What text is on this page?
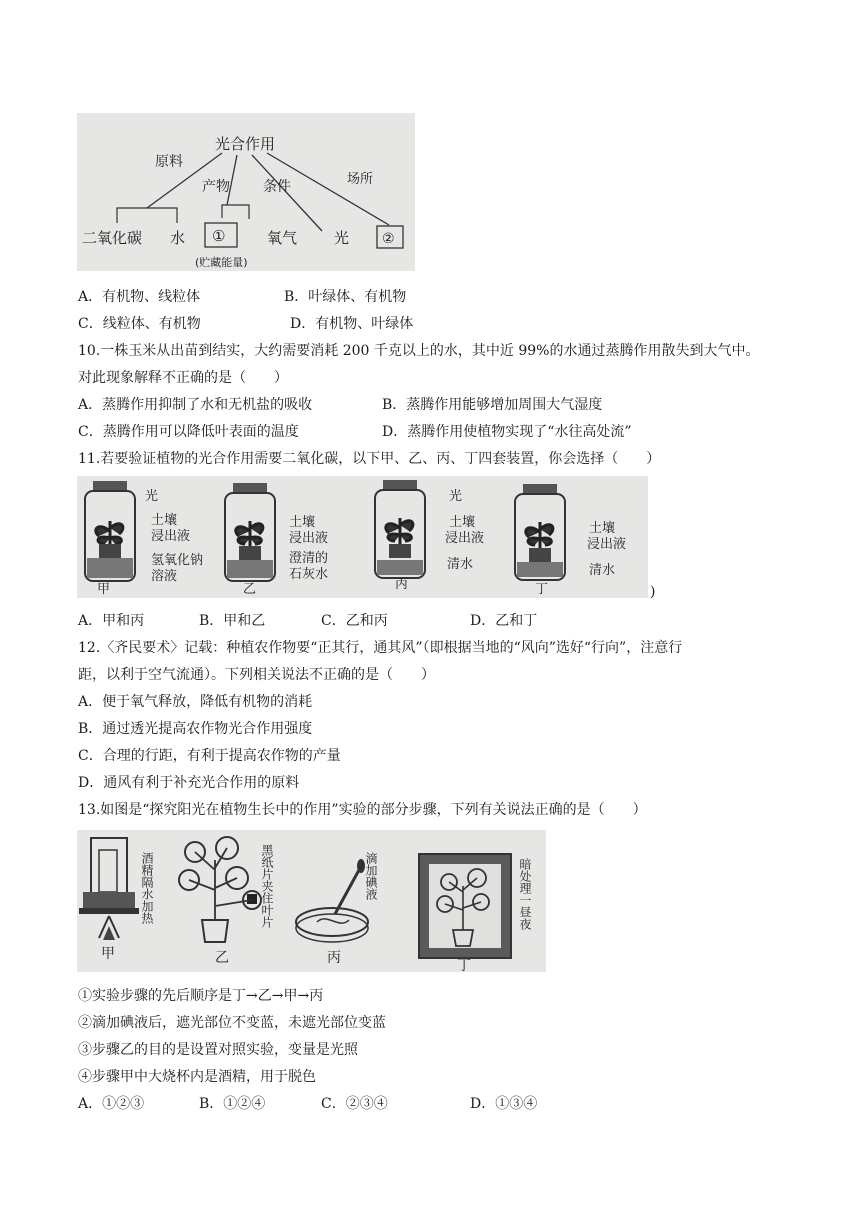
光合作用
原料
产物 条件	场所
二氧化碳 水 ①	氧气 光 ②
(贮藏能量)
A．有机物、线粒体	B．叶绿体、有机物
C．线粒体、有机物	D．有机物、叶绿体
10.一株玉米从出苗到结实，大约需要消耗 200 千克以上的水，其中近 99%的水通过蒸腾作用散失到大气中。
对此现象解释不正确的是（　　）
A．蒸腾作用抑制了水和无机盐的吸收	B．蒸腾作用能够增加周围大气湿度
C．蒸腾作用可以降低叶表面的温度	D．蒸腾作用使植物实现了“水往高处流”
11.若要验证植物的光合作用需要二氧化碳，以下甲、乙、丙、丁四套装置，你会选择（　　）
甲
光
土壤
浸出液
氢氧化钠
溶液
乙
土壤
浸出液
澄清的
石灰水
丙
光
土壤
浸出液
清水
丁
土壤
浸出液
清水
)
A．甲和丙	B．甲和乙	C．乙和丙	D．乙和丁
12.〈齐民要术〉记载：种植农作物要“正其行，通其风”（即根据当地的“风向”选好“行向”，注意行
距，以利于空气流通）。下列相关说法不正确的是（　　）
A．便于氧气释放，降低有机物的消耗
B．通过透光提高农作物光合作用强度
C．合理的行距，有利于提高农作物的产量
D．通风有利于补充光合作用的原料
13.如图是“探究阳光在植物生长中的作用”实验的部分步骤，下列有关说法正确的是（　　）
酒精隔水加热
甲
黑纸片夹住叶片
乙
滴加碘液
丙
暗处理一昼夜
丁
①实验步骤的先后顺序是丁→乙→甲→丙
②滴加碘液后，遮光部位不变蓝，未遮光部位变蓝
③步骤乙的目的是设置对照实验，变量是光照
④步骤甲中大烧杯内是酒精，用于脱色
A．①②③	B．①②④	C．②③④	D．①③④
